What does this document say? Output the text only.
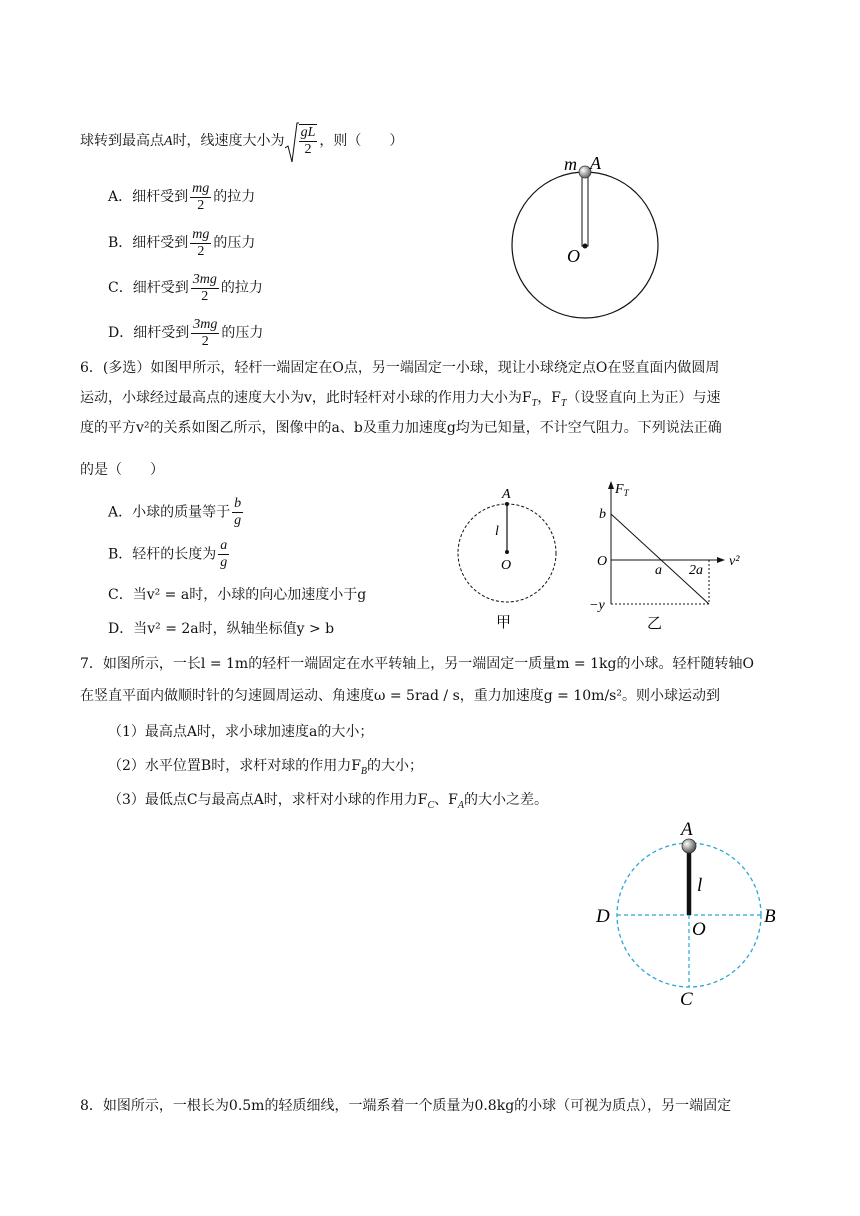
球转到最高点A时，线速度大小为 $\frac{gL}{2}$ ，则（　　）
A．细杆受到 $\frac{mg}{2}$ 的拉力
B．细杆受到 $\frac{mg}{2}$ 的压力
C．细杆受到 $\frac{3mg}{2}$ 的拉力
D．细杆受到 $\frac{3mg}{2}$ 的压力
m A
O
6．(多选）如图甲所示，轻杆一端固定在O点，另一端固定一小球，现让小球绕定点O在竖直面内做圆周
运动，小球经过最高点的速度大小为v，此时轻杆对小球的作用力大小为$F_T$，$F_T$（设竖直向上为正）与速
度的平方v²的关系如图乙所示，图像中的a、b及重力加速度g均为已知量，不计空气阻力。下列说法正确
的是（　　）
A．小球的质量等于 $\frac{b}{g}$
B．轻杆的长度为 $\frac{a}{g}$
C．当v² = a时，小球的向心加速度小于g
D．当v² = 2a时，纵轴坐标值y > b
A
l
O
甲
$F_T$
b
O
a 2a
v²
−y
乙
7．如图所示，一长l = 1m的轻杆一端固定在水平转轴上，另一端固定一质量m = 1kg的小球。轻杆随转轴O
在竖直平面内做顺时针的匀速圆周运动、角速度ω = 5rad / s，重力加速度g = 10m/s²。则小球运动到
（1）最高点A时，求小球加速度a的大小；
（2）水平位置B时，求杆对球的作用力$F_B$的大小；
（3）最低点C与最高点A时，求杆对小球的作用力$F_C$、$F_A$的大小之差。
A
l
D
O
B
C
8．如图所示，一根长为0.5m的轻质细线，一端系着一个质量为0.8kg的小球（可视为质点），另一端固定
